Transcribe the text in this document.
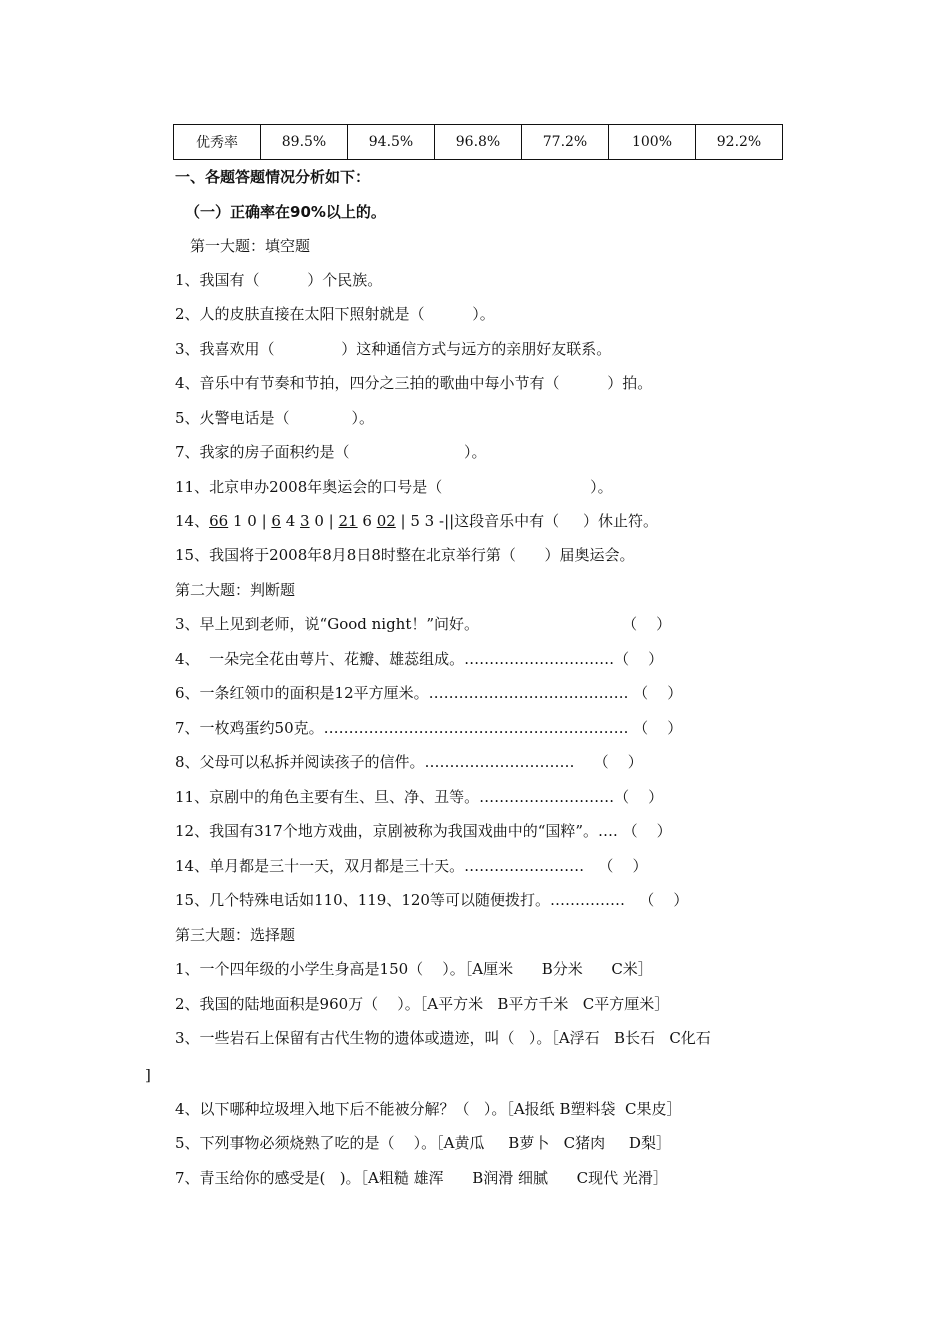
优秀率	89.5%	94.5%	96.8%	77.2%	100%	92.2%
一、各题答题情况分析如下：
（一）正确率在90%以上的。
第一大题：填空题
1、我国有（          ）个民族。
2、人的皮肤直接在太阳下照射就是（          ）。
3、我喜欢用（              ）这种通信方式与远方的亲朋好友联系。
4、音乐中有节奏和节拍，四分之三拍的歌曲中每小节有（          ）拍。
5、火警电话是（             ）。
7、我家的房子面积约是（                        ）。
11、北京申办2008年奥运会的口号是（                               ）。
14、66 1 0 | 6 4 3 0 | 21 6 02 | 5 3 -||这段音乐中有（     ）休止符。
15、我国将于2008年8月8日8时整在北京举行第（      ）届奥运会。
第二大题：判断题
3、早上见到老师，说“Good night！”问好。                              （    ）
4、  一朵完全花由萼片、花瓣、雄蕊组成。…………………………（    ）
6、一条红领巾的面积是12平方厘米。…………………………………. （    ）
7、一枚鸡蛋约50克。……………………………………………………. （    ）
8、父母可以私拆并阅读孩子的信件。…………………………    （    ）
11、京剧中的角色主要有生、旦、净、丑等。………………………（    ）
12、我国有317个地方戏曲，京剧被称为我国戏曲中的“国粹”。…. （    ）
14、单月都是三十一天，双月都是三十天。……………………   （    ）
15、几个特殊电话如110、119、120等可以随便拨打。……………   （    ）
第三大题：选择题
1、一个四年级的小学生身高是150（    ）。［A厘米      B分米      C米］
2、我国的陆地面积是960万（    ）。［A平方米   B平方千米   C平方厘米］
3、一些岩石上保留有古代生物的遗体或遗迹，叫（   ）。［A浮石   B长石   C化石
]
4、以下哪种垃圾埋入地下后不能被分解？（   ）。［A报纸 B塑料袋  C果皮］
5、下列事物必须烧熟了吃的是（    ）。［A黄瓜     B萝卜   C猪肉     D梨］
7、青玉给你的感受是(   )。［A粗糙 雄浑      B润滑 细腻      C现代 光滑］
